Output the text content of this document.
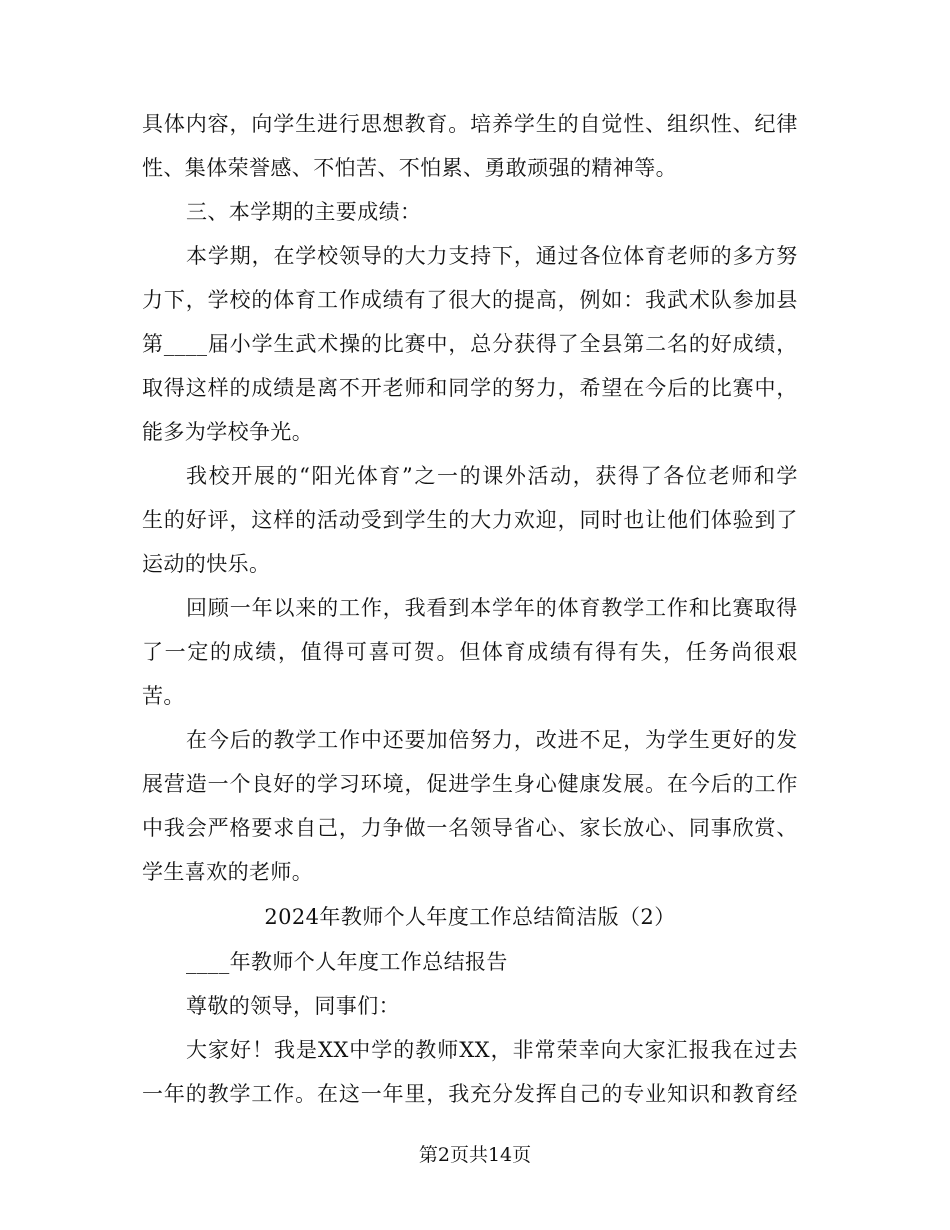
具 体 内 容 ， 向 学 生 进 行 思 想 教 育 。 培 养 学 生 的 自 觉 性 、 组 织 性 、 纪 律
性、集体荣誉感、不怕苦、不怕累、勇敢顽强的精神等。
三、本学期的主要成绩：
本 学 期 ， 在 学 校 领 导 的 大 力 支 持 下 ， 通 过 各 位 体 育 老 师 的 多 方 努
力 下 ， 学 校 的 体 育 工 作 成 绩 有 了 很 大 的 提 高 ， 例 如 ： 我 武 术 队 参 加 县
第 ____ 届 小 学 生 武 术 操 的 比 赛 中 ， 总 分 获 得 了 全 县 第 二 名 的 好 成 绩 ，
取 得 这 样 的 成 绩 是 离 不 开 老 师 和 同 学 的 努 力 ， 希 望 在 今 后 的 比 赛 中 ，
能多为学校争光。
我 校 开 展 的 “ 阳 光 体 育 ” 之 一 的 课 外 活 动 ， 获 得 了 各 位 老 师 和 学
生 的 好 评 ， 这 样 的 活 动 受 到 学 生 的 大 力 欢 迎 ， 同 时 也 让 他 们 体 验 到 了
运动的快乐。
回 顾 一 年 以 来 的 工 作 ， 我 看 到 本 学 年 的 体 育 教 学 工 作 和 比 赛 取 得
了 一 定 的 成 绩 ， 值 得 可 喜 可 贺 。 但 体 育 成 绩 有 得 有 失 ， 任 务 尚 很 艰
苦。
在 今 后 的 教 学 工 作 中 还 要 加 倍 努 力 ， 改 进 不 足 ， 为 学 生 更 好 的 发
展 营 造 一 个 良 好 的 学 习 环 境 ， 促 进 学 生 身 心 健 康 发 展 。 在 今 后 的 工 作
中 我 会 严 格 要 求 自 己 ， 力 争 做 一 名 领 导 省 心 、 家 长 放 心 、 同 事 欣 赏 、
学生喜欢的老师。
2024年教师个人年度工作总结简洁版（2）
____年教师个人年度工作总结报告
尊敬的领导，同事们：
大 家 好 ！ 我 是 XX 中 学 的 教 师 XX ， 非 常 荣 幸 向 大 家 汇 报 我 在 过 去
一 年 的 教 学 工 作 。 在 这 一 年 里 ， 我 充 分 发 挥 自 己 的 专 业 知 识 和 教 育 经
第2页共14页
